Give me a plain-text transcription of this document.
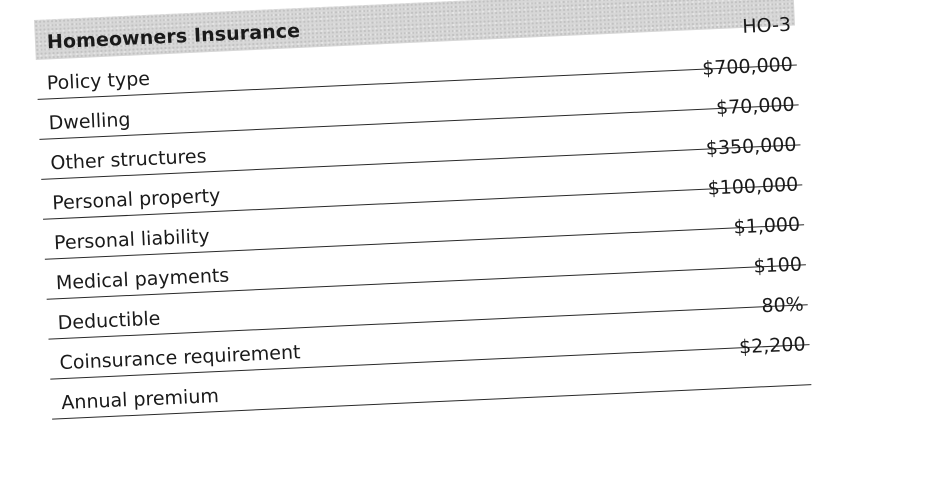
Homeowners Insurance
Policy type
HO-3
Dwelling
$700,000
Other structures
$70,000
Personal property
$350,000
Personal liability
$100,000
Medical payments
$1,000
Deductible
$100
Coinsurance requirement
80%
Annual premium
$2,200
